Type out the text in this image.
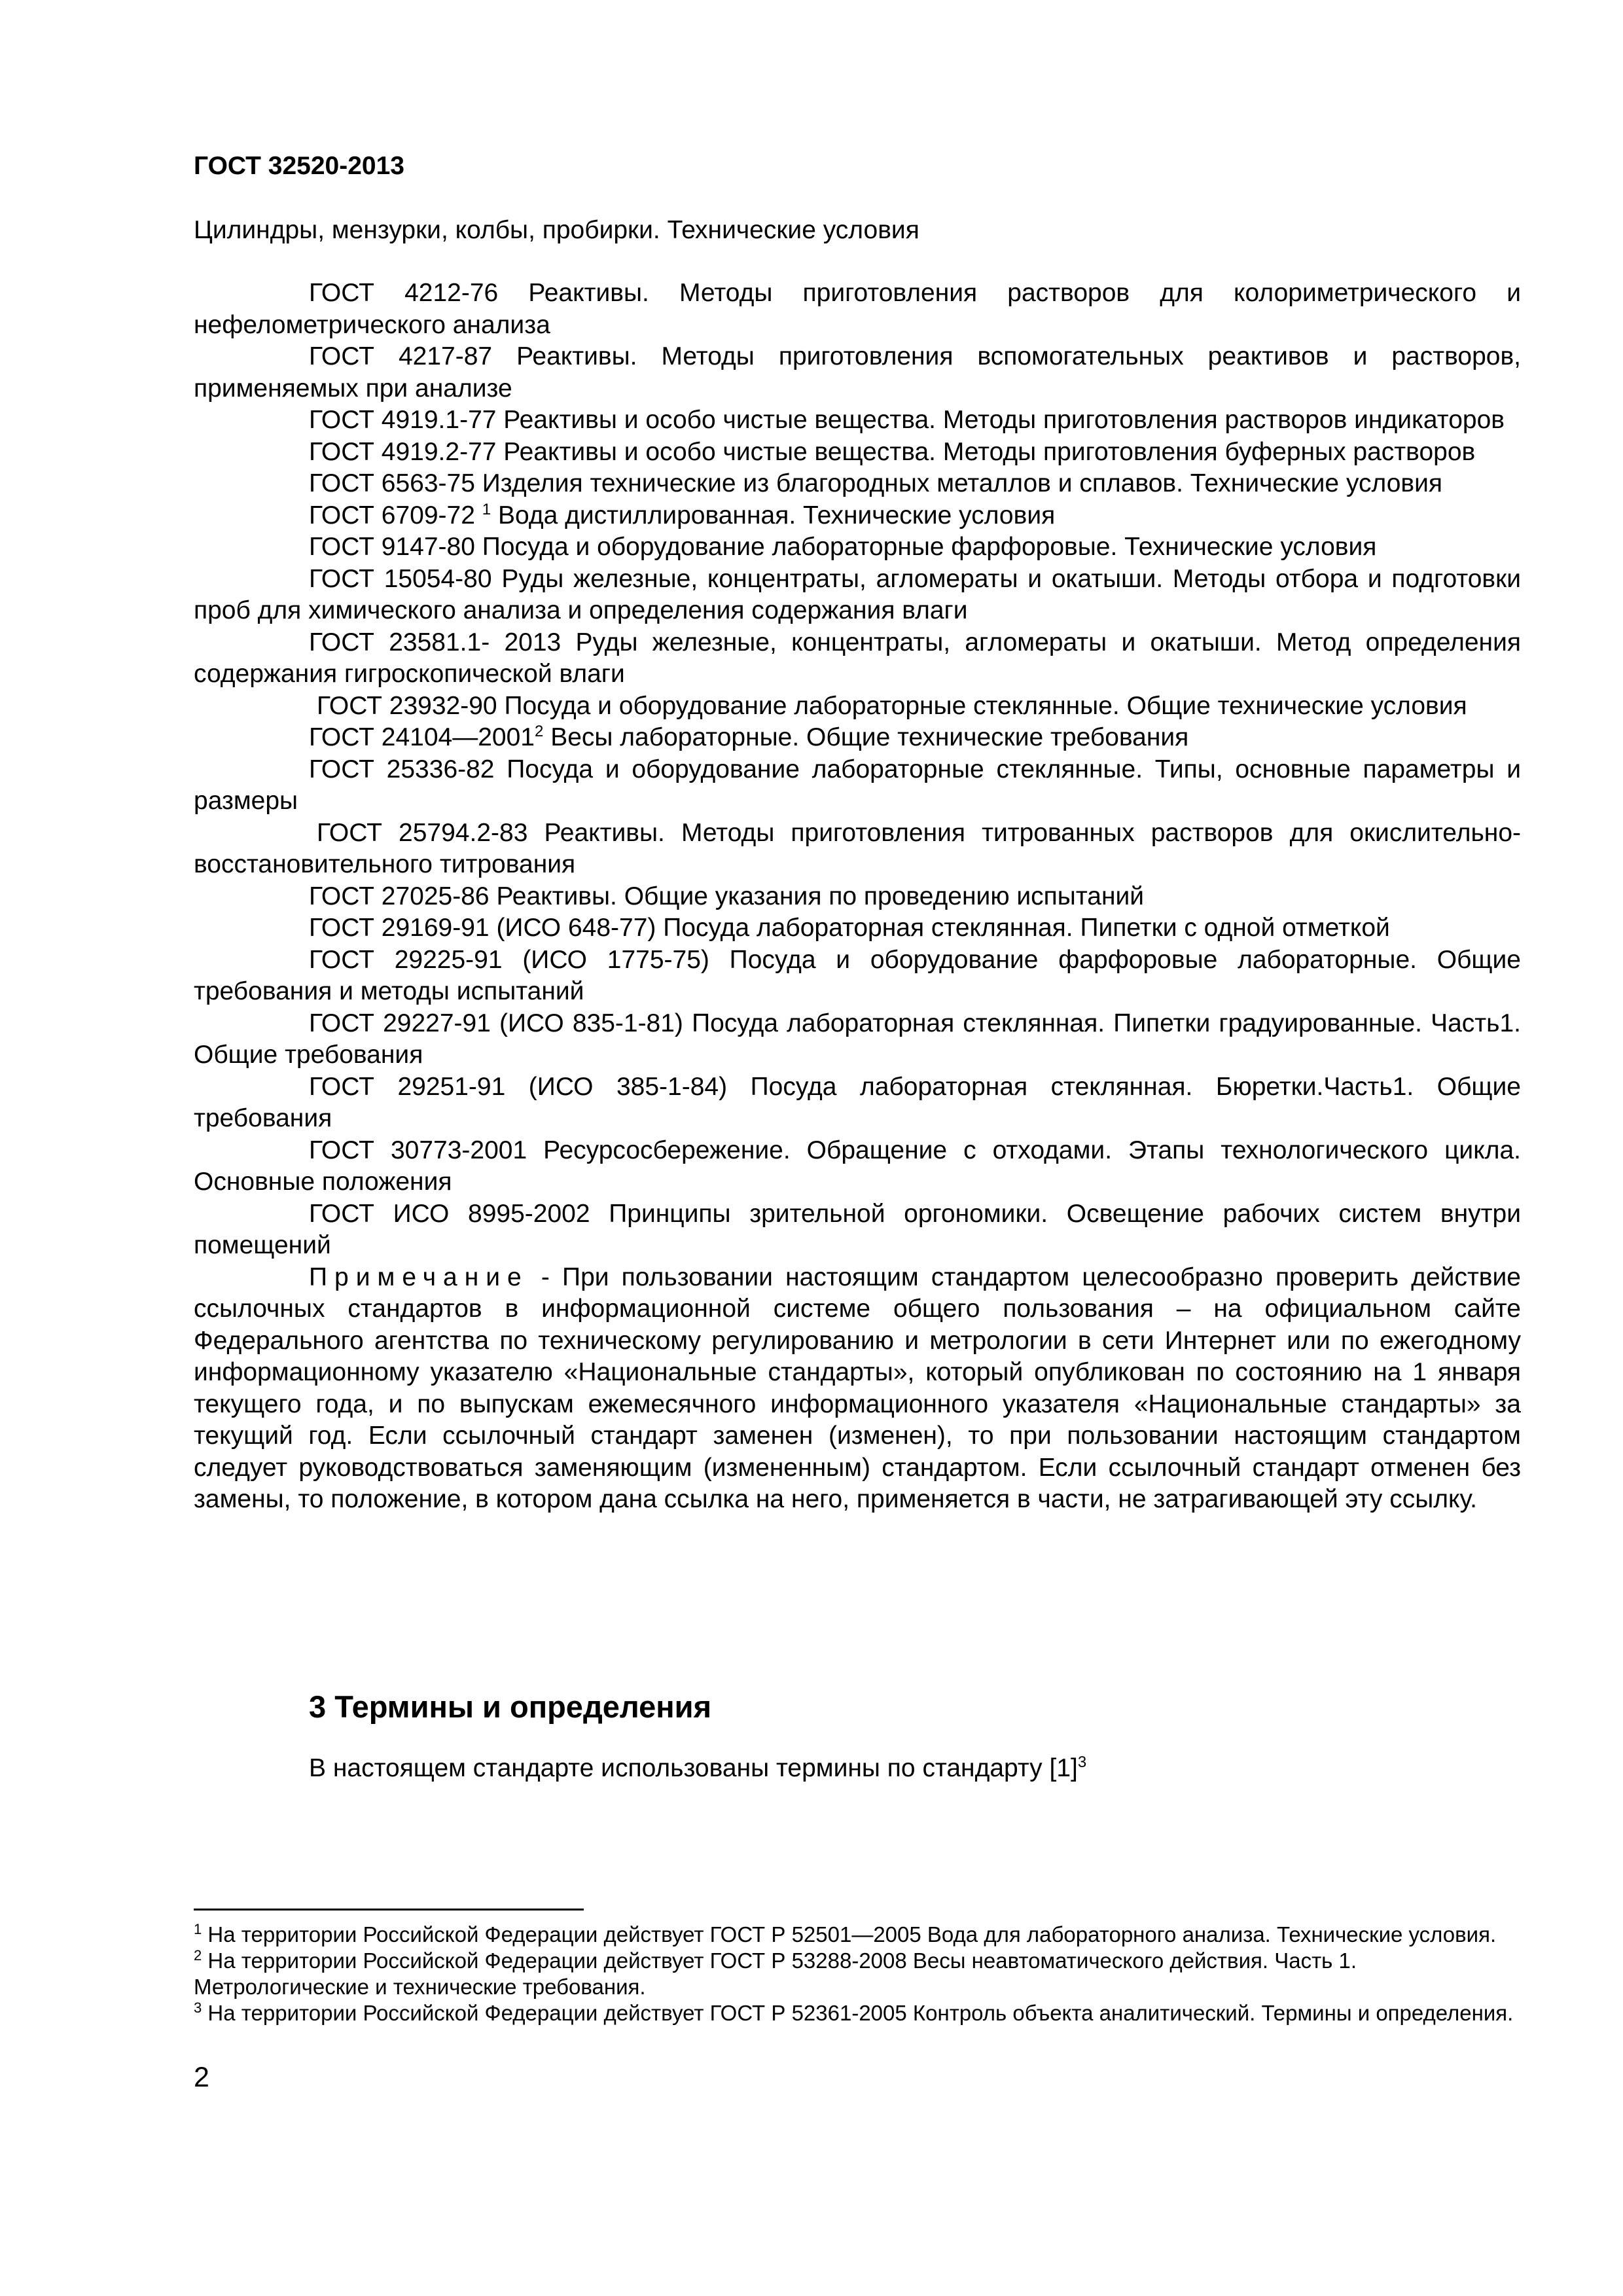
ГОСТ 32520-2013
Цилиндры, мензурки, колбы, пробирки. Технические условия
ГОСТ 4212-76 Реактивы. Методы приготовления растворов для колориметрического и нефелометрического анализа
ГОСТ 4217-87 Реактивы. Методы приготовления вспомогательных реактивов и растворов, применяемых при анализе
ГОСТ 4919.1-77 Реактивы и особо чистые вещества. Методы приготовления растворов индикаторов
ГОСТ 4919.2-77 Реактивы и особо чистые вещества. Методы приготовления буферных растворов
ГОСТ 6563-75 Изделия технические из благородных металлов и сплавов. Технические условия
ГОСТ 6709-72 $^1$ Вода дистиллированная. Технические условия
ГОСТ 9147-80 Посуда и оборудование лабораторные фарфоровые. Технические условия
ГОСТ 15054-80 Руды железные, концентраты, агломераты и окатыши. Методы отбора и подготовки проб для химического анализа и определения содержания влаги
ГОСТ 23581.1- 2013 Руды железные, концентраты, агломераты и окатыши. Метод определения содержания гигроскопической влаги
ГОСТ 23932-90 Посуда и оборудование лабораторные стеклянные. Общие технические условия
ГОСТ 24104—2001$^2$ Весы лабораторные. Общие технические требования
ГОСТ 25336-82 Посуда и оборудование лабораторные стеклянные. Типы, основные параметры и размеры
ГОСТ 25794.2-83 Реактивы. Методы приготовления титрованных растворов для окислительно-восстановительного титрования
ГОСТ 27025-86 Реактивы. Общие указания по проведению испытаний
ГОСТ 29169-91 (ИСО 648-77) Посуда лабораторная стеклянная. Пипетки с одной отметкой
ГОСТ 29225-91 (ИСО 1775-75) Посуда и оборудование фарфоровые лабораторные. Общие требования и методы испытаний
ГОСТ 29227-91 (ИСО 835-1-81) Посуда лабораторная стеклянная. Пипетки градуированные. Часть1. Общие требования
ГОСТ 29251-91 (ИСО 385-1-84) Посуда лабораторная стеклянная. Бюретки.Часть1. Общие требования
ГОСТ 30773-2001 Ресурсосбережение. Обращение с отходами. Этапы технологического цикла. Основные положения
ГОСТ ИСО 8995-2002 Принципы зрительной оргономики. Освещение рабочих систем внутри помещений
Примечание - При пользовании настоящим стандартом целесообразно проверить действие ссылочных стандартов в информационной системе общего пользования – на официальном сайте Федерального агентства по техническому регулированию и метрологии в сети Интернет или по ежегодному информационному указателю «Национальные стандарты», который опубликован по состоянию на 1 января текущего года, и по выпускам ежемесячного информационного указателя «Национальные стандарты» за текущий год. Если ссылочный стандарт заменен (изменен), то при пользовании настоящим стандартом следует руководствоваться заменяющим (измененным) стандартом. Если ссылочный стандарт отменен без замены, то положение, в котором дана ссылка на него, применяется в части, не затрагивающей эту ссылку.
3 Термины и определения
В настоящем стандарте использованы термины по стандарту [1]$^3$

$^1$ На территории Российской Федерации действует ГОСТ Р 52501—2005 Вода для лабораторного анализа. Технические условия.

$^2$ На территории Российской Федерации действует ГОСТ Р 53288-2008 Весы неавтоматического действия. Часть 1. Метрологические и технические требования.

$^3$ На территории Российской Федерации действует ГОСТ Р 52361-2005 Контроль объекта аналитический. Термины и определения.

2
